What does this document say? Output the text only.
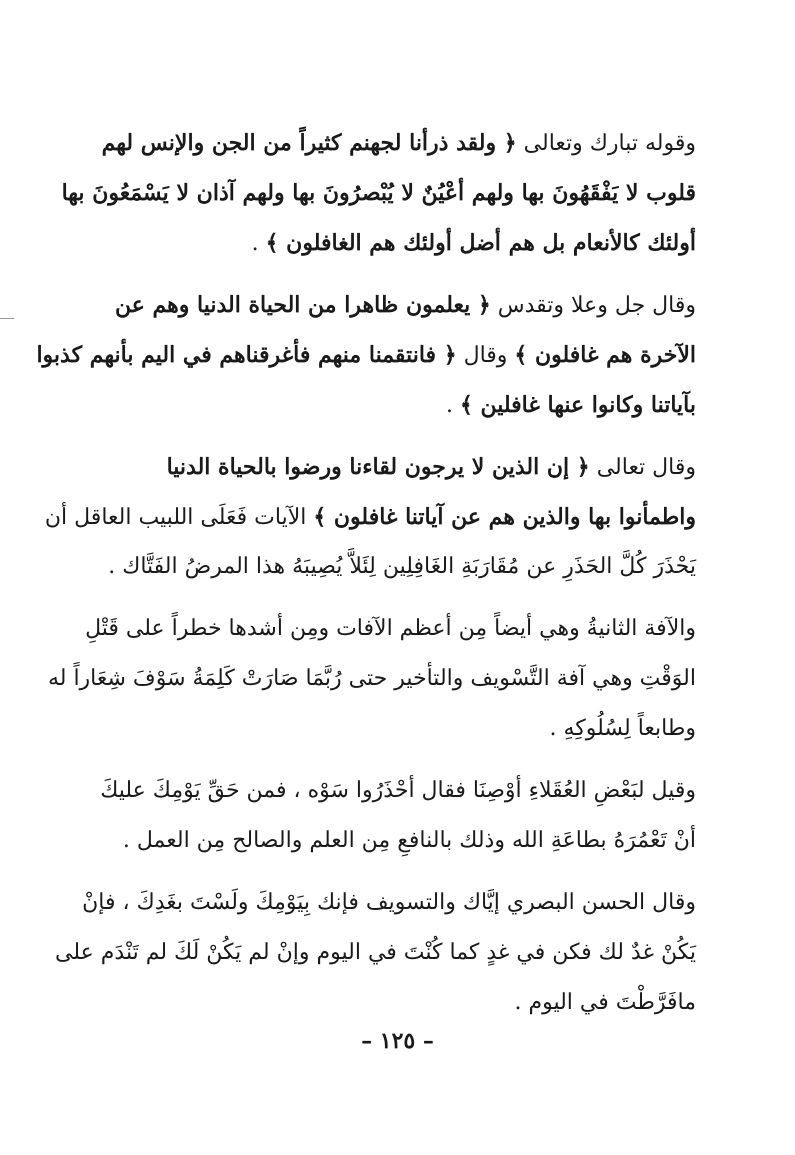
وقوله تبارك وتعالى ﴿ ولقد ذرأنا لجهنم كثيراً من الجن والإنس لهم
قلوب لا يَفْقَهُونَ بها ولهم أعْيُنٌ لا يُبْصرُونَ بها ولهم آذان لا يَسْمَعُونَ بها
أولئك كالأنعام بل هم أضل أولئك هم الغافلون ﴾ .
وقال جل وعلا وتقدس ﴿ يعلمون ظاهرا من الحياة الدنيا وهم عن
الآخرة هم غافلون ﴾ وقال ﴿ فانتقمنا منهم فأغرقناهم في اليم بأنهم كذبوا
بآياتنا وكانوا عنها غافلين ﴾ .
وقال تعالى ﴿ إن الذين لا يرجون لقاءنا ورضوا بالحياة الدنيا
واطمأنوا بها والذين هم عن آياتنا غافلون ﴾ الآيات فَعَلَى اللبيب العاقل أن
يَحْذَرَ كُلَّ الحَذَرِ عن مُقَارَبَةِ الغَافِلِين لِئَلاَّ يُصِيبَهُ هذا المرضُ الفَتَّاك .
والآفة الثانيةُ وهي أيضاً مِن أعظم الآفات ومِن أشدها خطراً على قَتْلِ
الوَقْتِ وهي آفة التَّسْويف والتأخير حتى رُبَّمَا صَارَتْ كَلِمَةُ سَوْفَ شِعَاراً له
وطابعاً لِسُلُوكِهِ .
وقيل لبَعْضِ العُقَلاءِ أوْصِنَا فقال أحْذَرُوا سَوْه ، فمن حَقِّ يَوْمِكَ عليكَ
أنْ تَعْمُرَهُ بطاعَةِ الله وذلك بالنافعِ مِن العلم والصالح مِن العمل .
وقال الحسن البصري إيَّاك والتسويف فإنك بِيَوْمِكَ ولَسْتَ بغَدِكَ ، فإنْ
يَكُنْ غدٌ لك فكن في غدٍ كما كُنْتَ في اليوم وإنْ لم يَكُنْ لَكَ لم تَنْدَم على
مافَرَّطْتَ في اليوم .
– ١٢٥ –
